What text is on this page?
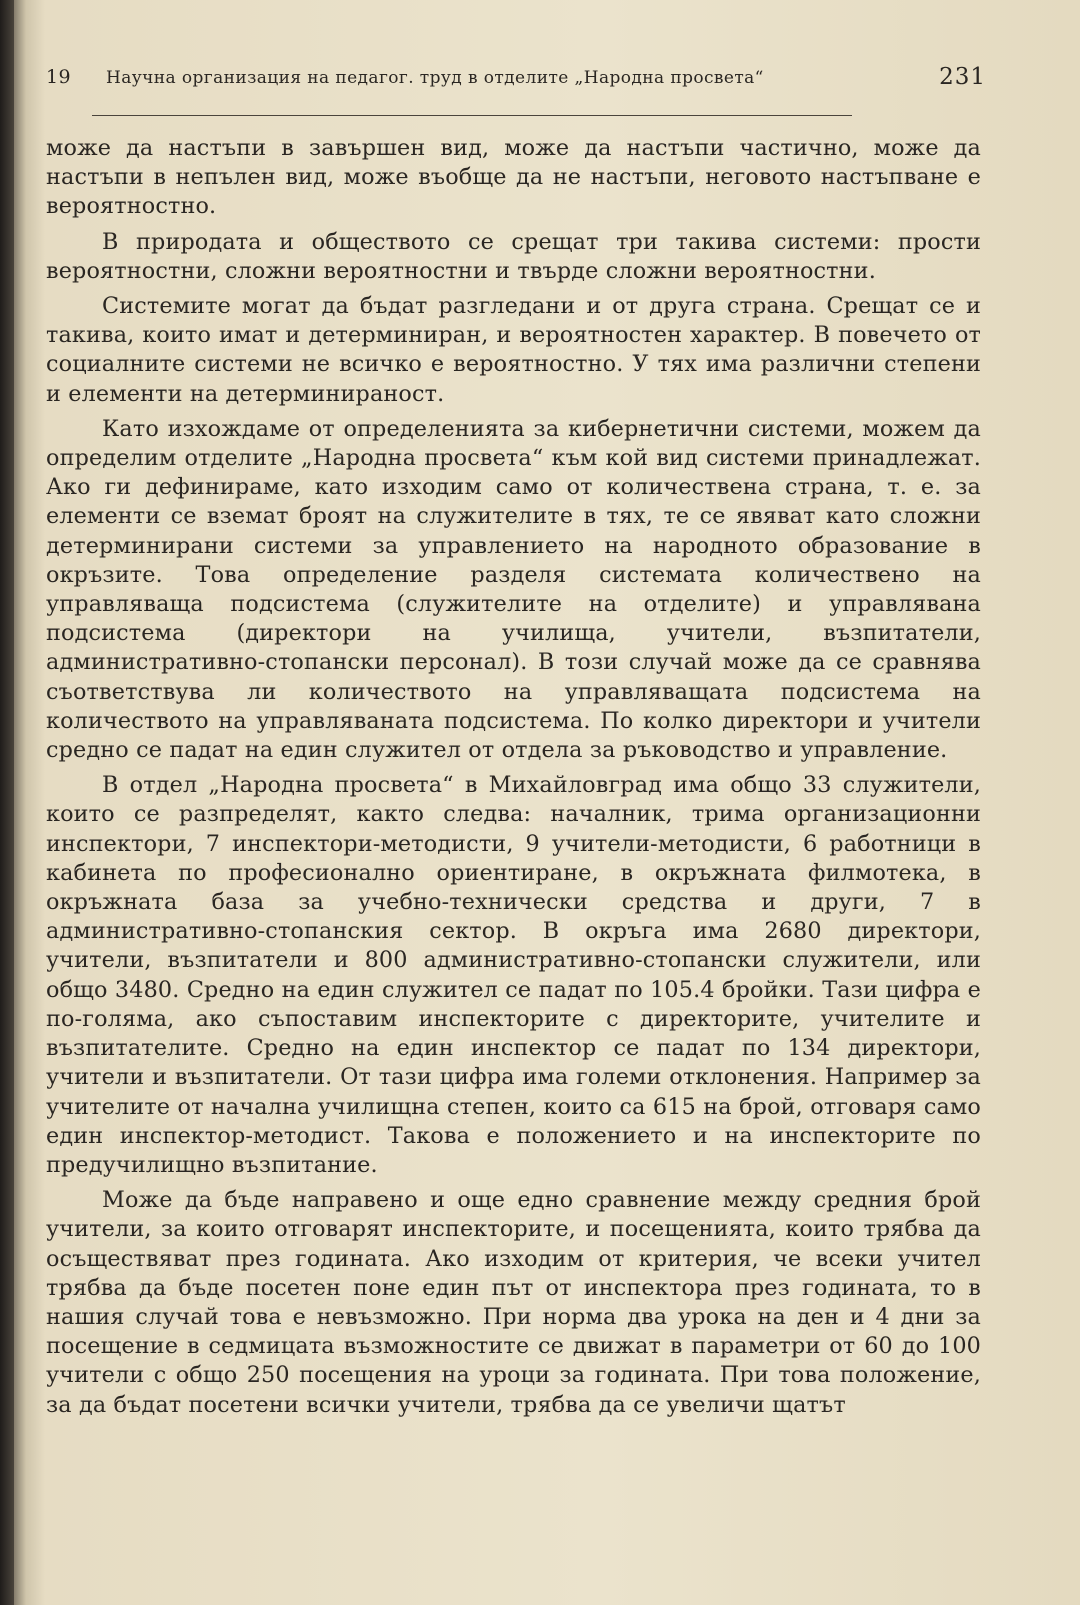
19 Научна организация на педагог. труд в отделите „Народна просвета“	231

може да настъпи в завършен вид, може да настъпи частично, може да настъпи в непълен вид, може въобще да не настъпи, неговото настъпване е вероятностно.

В природата и обществото се срещат три такива системи: прости вероятностни, сложни вероятностни и твърде сложни вероятностни.

Системите могат да бъдат разгледани и от друга страна. Срещат се и такива, които имат и детерминиран, и вероятностен характер. В повечето от социалните системи не всичко е вероятностно. У тях има различни степени и елементи на детерминираност.

Като изхождаме от определенията за кибернетични системи, можем да определим отделите „Народна просвета“ към кой вид системи принадлежат. Ако ги дефинираме, като изходим само от количествена страна, т. е. за елементи се вземат броят на служителите в тях, те се явяват като сложни детерминирани системи за управлението на народното образование в окръзите. Това определение разделя системата количествено на управляваща подсистема (служителите на отделите) и управлявана подсистема (директори на училища, учители, възпитатели, административно-стопански персонал). В този случай може да се сравнява съответствува ли количеството на управляващата подсистема на количеството на управляваната подсистема. По колко директори и учители средно се падат на един служител от отдела за ръководство и управление.

В отдел „Народна просвета“ в Михайловград има общо 33 служители, които се разпределят, както следва: началник, трима организационни инспектори, 7 инспектори-методисти, 9 учители-методисти, 6 работници в кабинета по професионално ориентиране, в окръжната филмотека, в окръжната база за учебно-технически средства и други, 7 в административно-стопанския сектор. В окръга има 2680 директори, учители, възпитатели и 800 административно-стопански служители, или общо 3480. Средно на един служител се падат по 105.4 бройки. Тази цифра е по-голяма, ако съпоставим инспекторите с директорите, учителите и възпитателите. Средно на един инспектор се падат по 134 директори, учители и възпитатели. От тази цифра има големи отклонения. Например за учителите от начална училищна степен, които са 615 на брой, отговаря само един инспектор-методист. Такова е положението и на инспекторите по предучилищно възпитание.

Може да бъде направено и още едно сравнение между средния брой учители, за които отговарят инспекторите, и посещенията, които трябва да осъществяват през годината. Ако изходим от критерия, че всеки учител трябва да бъде посетен поне един път от инспектора през годината, то в нашия случай това е невъзможно. При норма два урока на ден и 4 дни за посещение в седмицата възможностите се движат в параметри от 60 до 100 учители с общо 250 посещения на уроци за годината. При това положение, за да бъдат посетени всички учители, трябва да се увеличи щатът
